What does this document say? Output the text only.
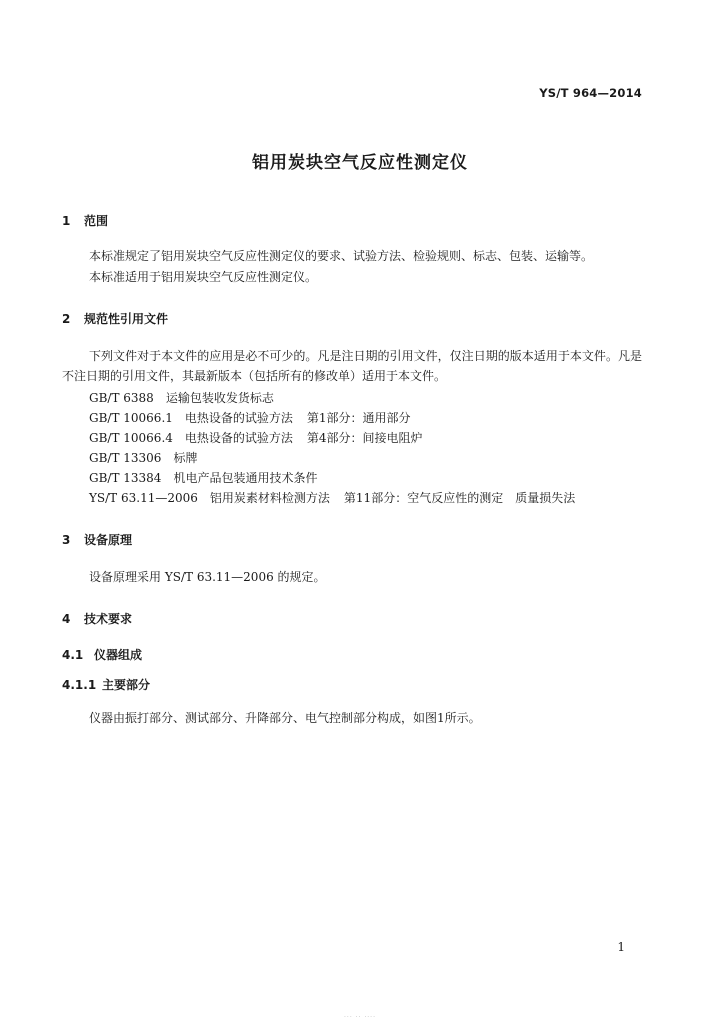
YS/T 964—2014
铝用炭块空气反应性测定仪
1 范围
本标准规定了铝用炭块空气反应性测定仪的要求、试验方法、检验规则、标志、包装、运输等。
本标准适用于铝用炭块空气反应性测定仪。
2 规范性引用文件
下列文件对于本文件的应用是必不可少的。凡是注日期的引用文件，仅注日期的版本适用于本文件。凡是不注日期的引用文件，其最新版本（包括所有的修改单）适用于本文件。
GB/T 6388 运输包装收发货标志
GB/T 10066.1 电热设备的试验方法 第1部分：通用部分
GB/T 10066.4 电热设备的试验方法 第4部分：间接电阻炉
GB/T 13306 标牌
GB/T 13384 机电产品包装通用技术条件
YS/T 63.11—2006 铝用炭素材料检测方法 第11部分：空气反应性的测定　质量损失法
3 设备原理
设备原理采用 YS/T 63.11—2006 的规定。
4 技术要求
4.1 仪器组成
4.1.1 主要部分
仪器由振打部分、测试部分、升降部分、电气控制部分构成，如图1所示。
1
··· ·· ····
